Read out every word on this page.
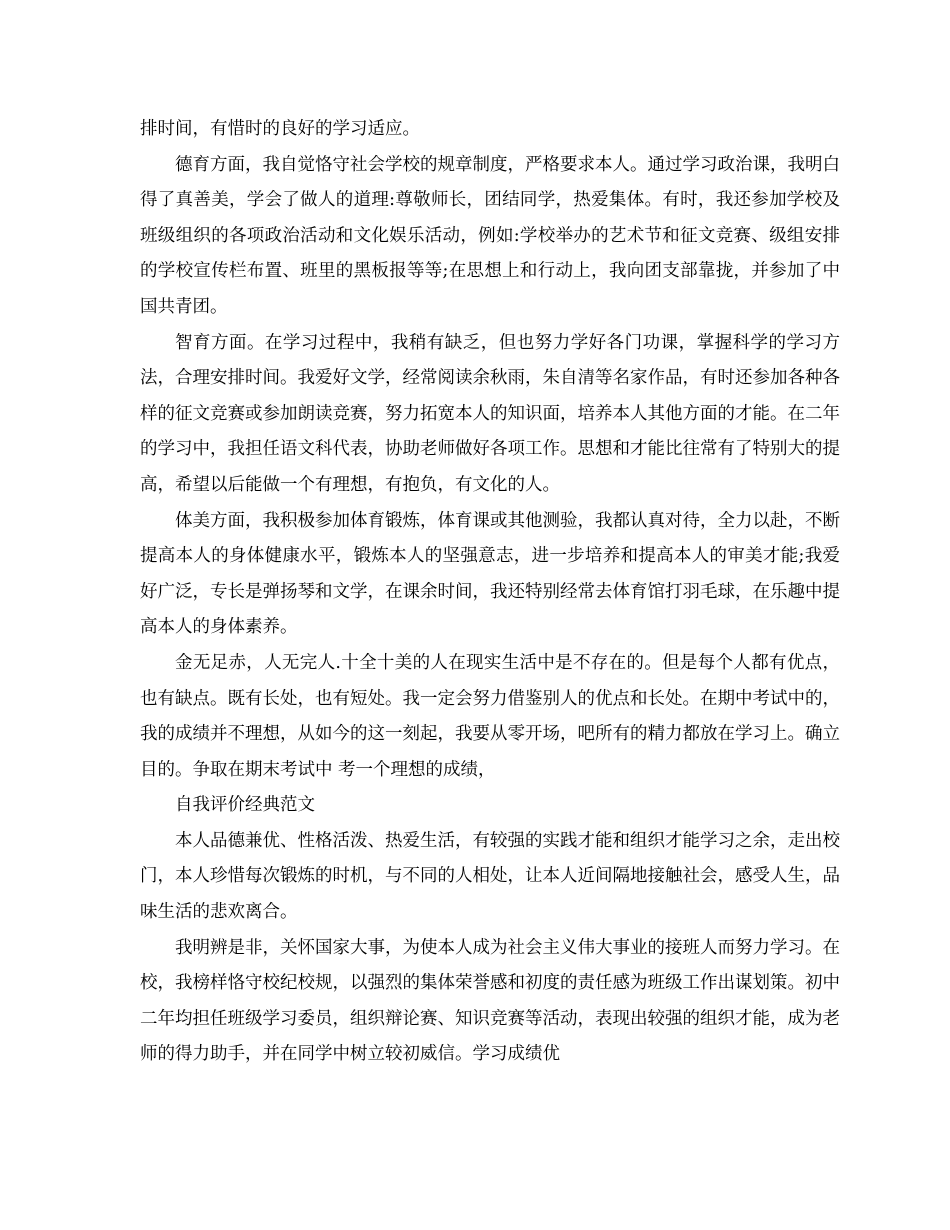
排时间，有惜时的良好的学习适应。

德育方面，我自觉恪守社会学校的规章制度，严格要求本人。通过学习政治课，我明白得了真善美，学会了做人的道理:尊敬师长，团结同学，热爱集体。有时，我还参加学校及班级组织的各项政治活动和文化娱乐活动，例如:学校举办的艺术节和征文竞赛、级组安排的学校宣传栏布置、班里的黑板报等等;在思想上和行动上，我向团支部靠拢，并参加了中国共青团。

智育方面。在学习过程中，我稍有缺乏，但也努力学好各门功课，掌握科学的学习方法，合理安排时间。我爱好文学，经常阅读余秋雨，朱自清等名家作品，有时还参加各种各样的征文竞赛或参加朗读竞赛，努力拓宽本人的知识面，培养本人其他方面的才能。在二年的学习中，我担任语文科代表，协助老师做好各项工作。思想和才能比往常有了特别大的提高，希望以后能做一个有理想，有抱负，有文化的人。

体美方面，我积极参加体育锻炼，体育课或其他测验，我都认真对待，全力以赴，不断提高本人的身体健康水平，锻炼本人的坚强意志，进一步培养和提高本人的审美才能;我爱好广泛，专长是弹扬琴和文学，在课余时间，我还特别经常去体育馆打羽毛球，在乐趣中提高本人的身体素养。

金无足赤，人无完人.十全十美的人在现实生活中是不存在的。但是每个人都有优点，也有缺点。既有长处，也有短处。我一定会努力借鉴别人的优点和长处。在期中考试中的，我的成绩并不理想，从如今的这一刻起，我要从零开场，吧所有的精力都放在学习上。确立目的。争取在期末考试中 考一个理想的成绩，

自我评价经典范文

本人品德兼优、性格活泼、热爱生活，有较强的实践才能和组织才能学习之余，走出校门，本人珍惜每次锻炼的时机，与不同的人相处，让本人近间隔地接触社会，感受人生，品味生活的悲欢离合。

我明辨是非，关怀国家大事，为使本人成为社会主义伟大事业的接班人而努力学习。在校，我榜样恪守校纪校规，以强烈的集体荣誉感和初度的责任感为班级工作出谋划策。初中二年均担任班级学习委员，组织辩论赛、知识竞赛等活动，表现出较强的组织才能，成为老师的得力助手，并在同学中树立较初威信。学习成绩优
